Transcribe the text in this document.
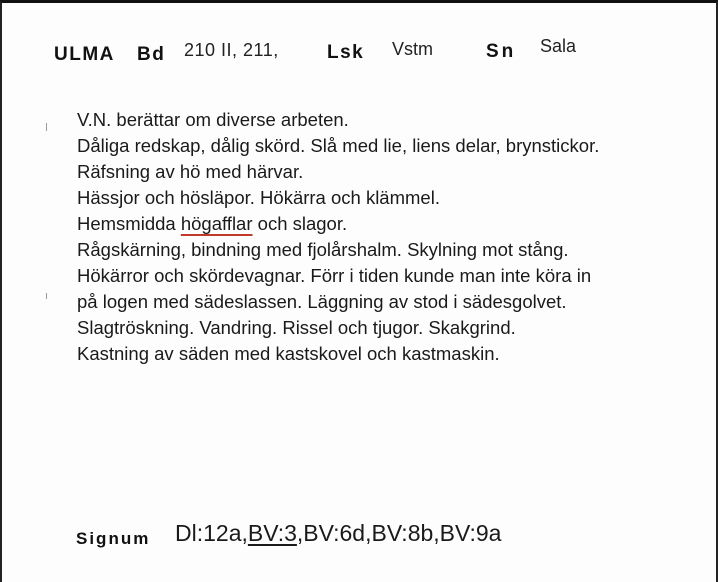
ULMA Bd 210 II, 211,	Lsk Vstm	Sn Sala
V.N. berättar om diverse arbeten.
Dåliga redskap, dålig skörd. Slå med lie, liens delar, brynstickor.
Räfsning av hö med härvar.
Hässjor och hösläpor. Hökärra och klämmel.
Hemsmidda högafflar och slagor.
Rågskärning, bindning med fjolårshalm. Skylning mot stång.
Hökärror och skördevagnar. Förr i tiden kunde man inte köra in
på logen med sädeslassen. Läggning av stod i sädesgolvet.
Slagtröskning. Vandring. Rissel och tjugor. Skakgrind.
Kastning av säden med kastskovel och kastmaskin.
Signum Dl:12a,BV:3,BV:6d,BV:8b,BV:9a
